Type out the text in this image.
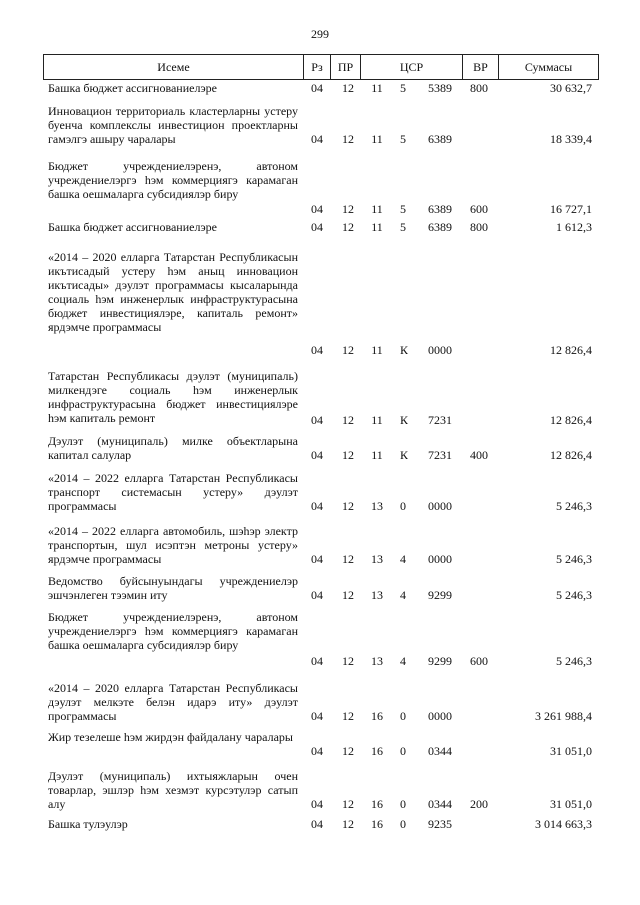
299
Исеме	Рз	ПР	ЦСР	ВР	Суммасы
Башка бюджет ассигнованиелэре	04 12 11 5 5389 800	30 632,7
Инновацион территориаль кластерларны устеру буенча комплекслы инвестицион проектларны гамэлгэ ашыру чаралары	04 12 11 5 6389	18 339,4
Бюджет учреждениелэренэ, автоном учреждениелэргэ hэм коммерциягэ карамаган башка оешмаларга субсидиялэр биру
04 12 11 5 6389 600	16 727,1
Башка бюджет ассигнованиелэре	04 12 11 5 6389 800	1 612,3
«2014 – 2020 елларга Татарстан Республикасын икътисадый устеру hэм аныц инновацион икътисады» дэулэт программасы кысаларында социаль hэм инженерлык инфраструктурасына бюджет инвестициялэре, капиталь ремонт» ярдэмче программасы
04 12 11 К 0000	12 826,4
Татарстан Республикасы дэулэт (муниципаль) милкендэге социаль hэм инженерлык инфраструктурасына бюджет инвестициялэре hэм капиталь ремонт	04 12 11 К 7231	12 826,4
Дэулэт (муниципаль) милке объектларына капитал салулар	04 12 11 К 7231 400	12 826,4
«2014 – 2022 елларга Татарстан Республикасы транспорт системасын устеру» дэулэт программасы	04 12 13 0 0000	5 246,3
«2014 – 2022 елларга автомобиль, шэhэр электр транспортын, шул исэптэн метроны устеру» ярдэмче программасы	04 12 13 4 0000	5 246,3
Ведомство буйсынуындагы учреждениелэр эшчэнлеген тээмин иту	04 12 13 4 9299	5 246,3
Бюджет учреждениелэренэ, автоном учреждениелэргэ hэм коммерциягэ карамаган башка оешмаларга субсидиялэр биру
04 12 13 4 9299 600	5 246,3
«2014 – 2020 елларга Татарстан Республикасы дэулэт мелкэте белэн идарэ иту» дэулэт программасы	04 12 16 0 0000	3 261 988,4
Жир тезелеше hэм жирдэн файдалану чаралары
04 12 16 0 0344	31 051,0
Дэулэт (муниципаль) ихтыяжларын очен товарлар, эшлэр hэм хезмэт курсэтулэр сатып алу	04 12 16 0 0344 200	31 051,0
Башка тулэулэр	04 12 16 0 9235	3 014 663,3
